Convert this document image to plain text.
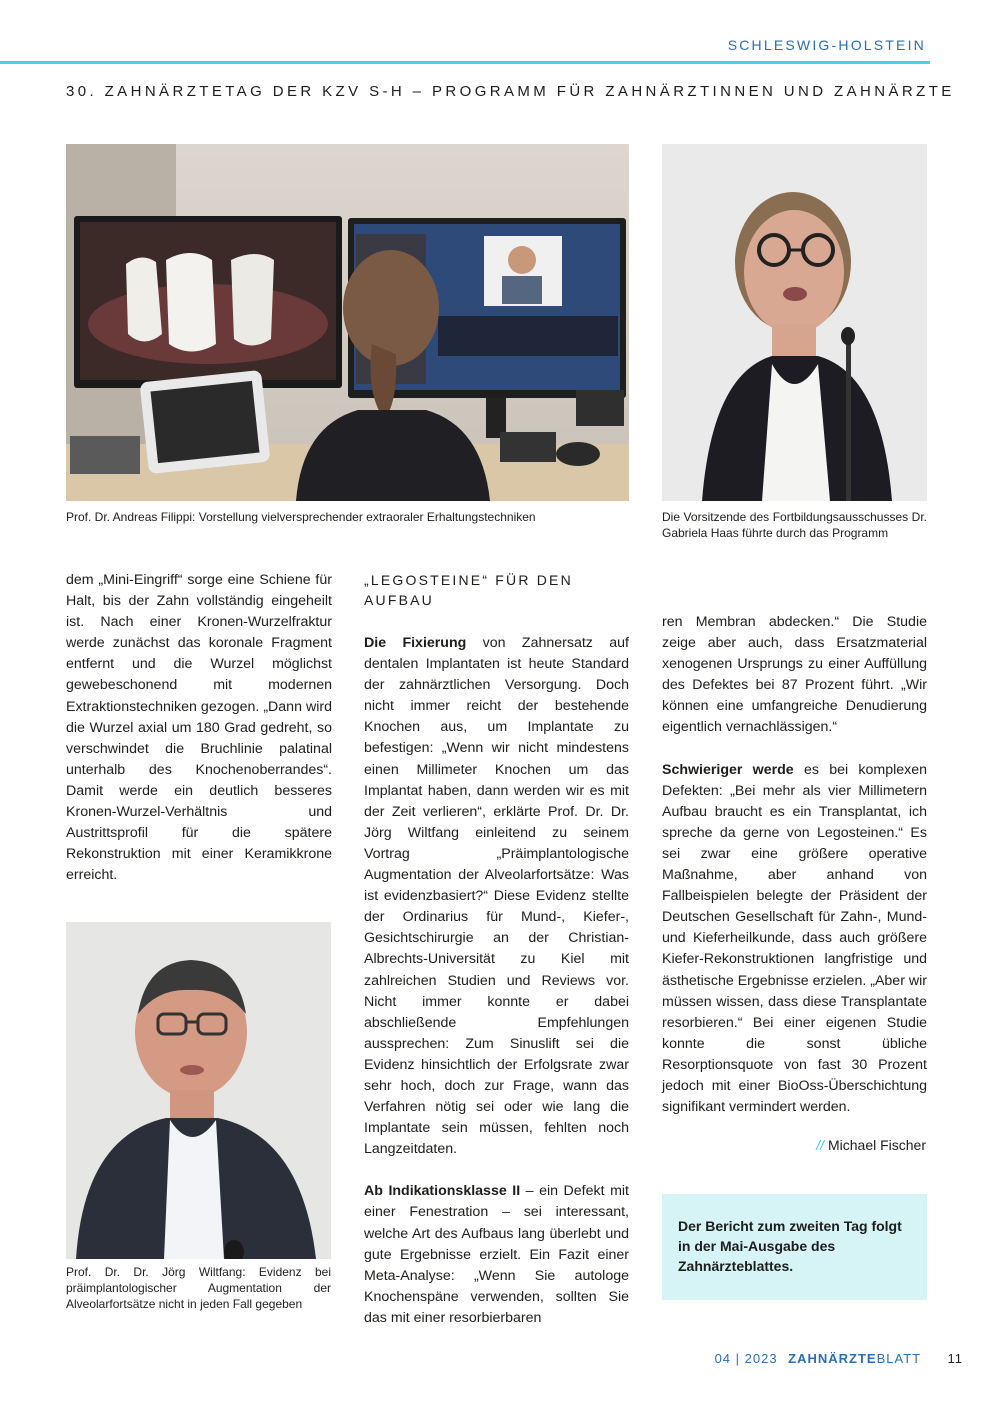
SCHLESWIG-HOLSTEIN
30. ZAHNÄRZTETAG DER KZV S-H – PROGRAMM FÜR ZAHNÄRZTINNEN UND ZAHNÄRZTE
Prof. Dr. Andreas Filippi: Vorstellung vielversprechender extraoraler Erhaltungstechniken	Die Vorsitzende des Fortbildungsausschusses Dr. Gabriela Haas führte durch das Programm

dem „Mini-Eingriff“ sorge eine Schiene für Halt, bis der Zahn vollständig eingeheilt ist. Nach einer Kronen-Wurzelfraktur werde zunächst das koronale Fragment entfernt und die Wurzel möglichst gewebeschonend mit modernen Extraktionstechniken gezogen. „Dann wird die Wurzel axial um 180 Grad gedreht, so verschwindet die Bruchlinie palatinal unterhalb des Knochenoberrandes“. Damit werde ein deutlich besseres Kronen-Wurzel-Verhältnis und Austrittsprofil für die spätere Rekonstruktion mit einer Keramikkrone erreicht.

Prof. Dr. Dr. Jörg Wiltfang: Evidenz bei präimplantologischer Augmentation der Alveolarfortsätze nicht in jeden Fall gegeben
„LEGOSTEINE“ FÜR DEN AUFBAU

Die Fixierung von Zahnersatz auf dentalen Implantaten ist heute Standard der zahnärztlichen Versorgung. Doch nicht immer reicht der bestehende Knochen aus, um Implantate zu befestigen: „Wenn wir nicht mindestens einen Millimeter Knochen um das Implantat haben, dann werden wir es mit der Zeit verlieren“, erklärte Prof. Dr. Dr. Jörg Wiltfang einleitend zu seinem Vortrag „Präimplantologische Augmentation der Alveolarfortsätze: Was ist evidenzbasiert?“ Diese Evidenz stellte der Ordinarius für Mund-, Kiefer-, Gesichtschirurgie an der Christian-Albrechts-Universität zu Kiel mit zahlreichen Studien und Reviews vor. Nicht immer konnte er dabei abschließende Empfehlungen aussprechen: Zum Sinuslift sei die Evidenz hinsichtlich der Erfolgsrate zwar sehr hoch, doch zur Frage, wann das Verfahren nötig sei oder wie lang die Implantate sein müssen, fehlten noch Langzeitdaten.

Ab Indikationsklasse II – ein Defekt mit einer Fenestration – sei interessant, welche Art des Aufbaus lang überlebt und gute Ergebnisse erzielt. Ein Fazit einer Meta-Analyse: „Wenn Sie autologe Knochenspäne verwenden, sollten Sie das mit einer resorbierbaren

ren Membran abdecken.“ Die Studie zeige aber auch, dass Ersatzmaterial xenogenen Ursprungs zu einer Auffüllung des Defektes bei 87 Prozent führt. „Wir können eine umfangreiche Denudierung eigentlich vernachlässigen.“

Schwieriger werde es bei komplexen Defekten: „Bei mehr als vier Millimetern Aufbau braucht es ein Transplantat, ich spreche da gerne von Legosteinen.“ Es sei zwar eine größere operative Maßnahme, aber anhand von Fallbeispielen belegte der Präsident der Deutschen Gesellschaft für Zahn-, Mund- und Kieferheilkunde, dass auch größere Kiefer-Rekonstruktionen langfristige und ästhetische Ergebnisse erzielen. „Aber wir müssen wissen, dass diese Transplantate resorbieren.“ Bei einer eigenen Studie konnte die sonst übliche Resorptionsquote von fast 30 Prozent jedoch mit einer BioOss-Überschichtung signifikant vermindert werden.

// Michael Fischer
Der Bericht zum zweiten Tag folgt in der Mai-Ausgabe des Zahnärzteblattes.
04 | 2023 ZAHNÄRZTEBLATT 11
